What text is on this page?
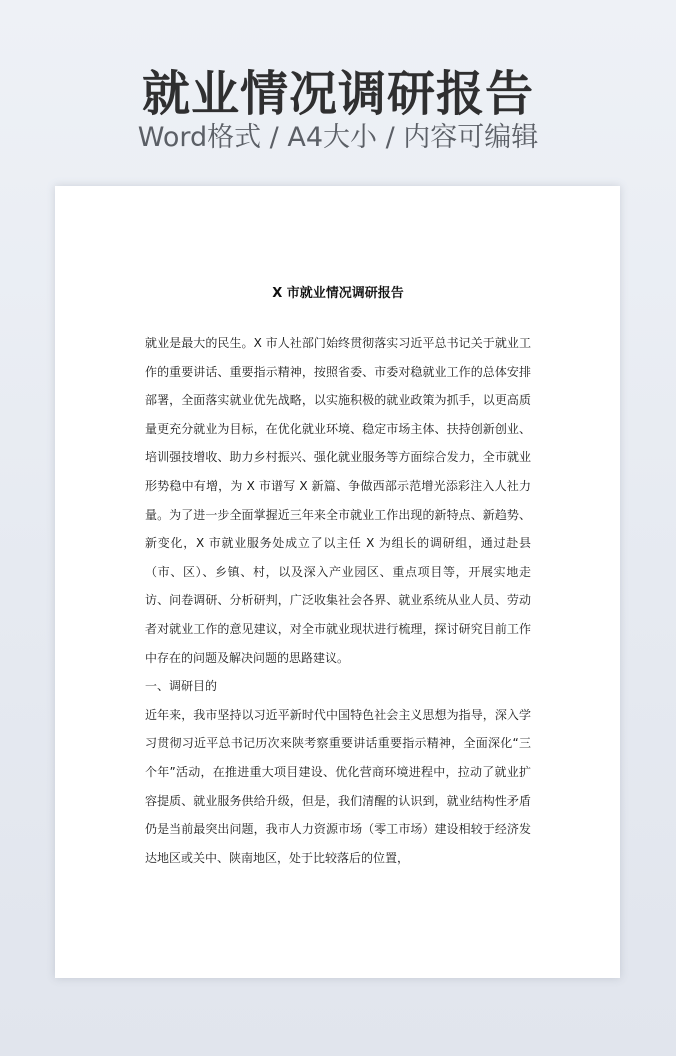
就业情况调研报告
Word格式 / A4大小 / 内容可编辑
X 市就业情况调研报告

就业是最大的民生。X 市人社部门始终贯彻落实习近平总书记关于就业工作的重要讲话、重要指示精神，按照省委、市委对稳就业工作的总体安排部署，全面落实就业优先战略，以实施积极的就业政策为抓手，以更高质量更充分就业为目标，在优化就业环境、稳定市场主体、扶持创新创业、培训强技增收、助力乡村振兴、强化就业服务等方面综合发力，全市就业形势稳中有增，为 X 市谱写 X 新篇、争做西部示范增光添彩注入人社力量。为了进一步全面掌握近三年来全市就业工作出现的新特点、新趋势、新变化，X 市就业服务处成立了以主任 X 为组长的调研组，通过赴县（市、区）、乡镇、村，以及深入产业园区、重点项目等，开展实地走访、问卷调研、分析研判，广泛收集社会各界、就业系统从业人员、劳动者对就业工作的意见建议，对全市就业现状进行梳理，探讨研究目前工作中存在的问题及解决问题的思路建议。

一、调研目的

近年来，我市坚持以习近平新时代中国特色社会主义思想为指导，深入学习贯彻习近平总书记历次来陕考察重要讲话重要指示精神，全面深化“三个年”活动，在推进重大项目建设、优化营商环境进程中，拉动了就业扩容提质、就业服务供给升级，但是，我们清醒的认识到，就业结构性矛盾仍是当前最突出问题，我市人力资源市场（零工市场）建设相较于经济发达地区或关中、陕南地区，处于比较落后的位置，
